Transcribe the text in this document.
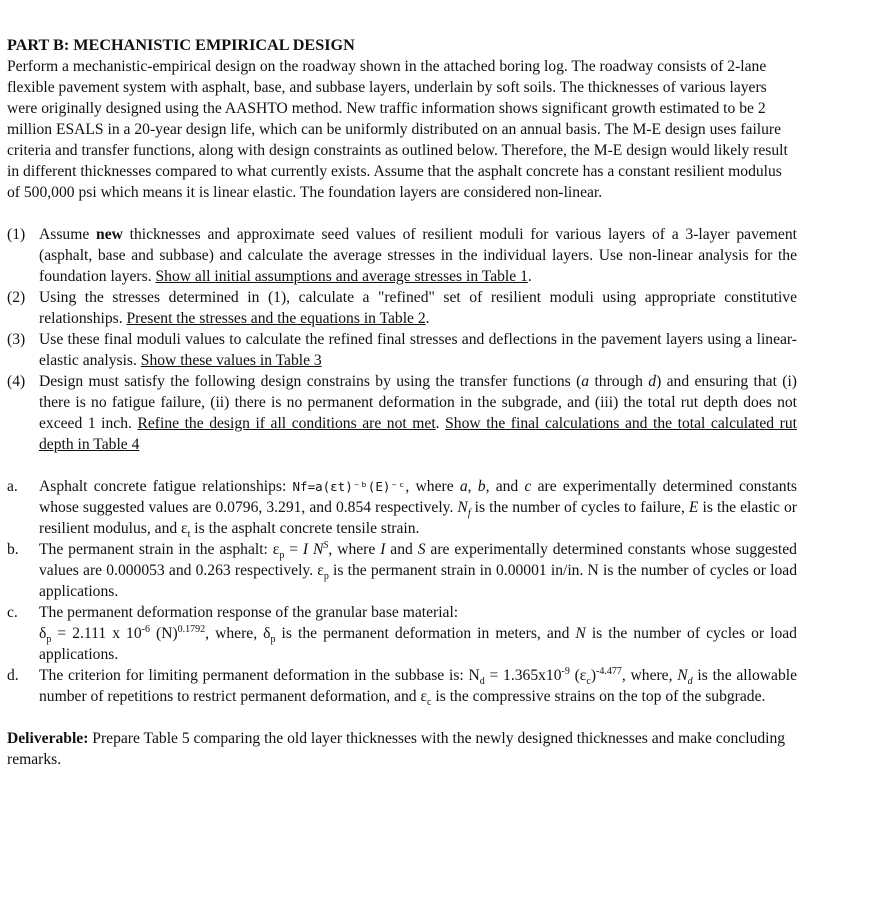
PART B: MECHANISTIC EMPIRICAL DESIGN

Perform a mechanistic-empirical design on the roadway shown in the attached boring log. The roadway consists of 2-lane flexible pavement system with asphalt, base, and subbase layers, underlain by soft soils. The thicknesses of various layers were originally designed using the AASHTO method. New traffic information shows significant growth estimated to be 2 million ESALS in a 20-year design life, which can be uniformly distributed on an annual basis. The M-E design uses failure criteria and transfer functions, along with design constraints as outlined below. Therefore, the M-E design would likely result in different thicknesses compared to what currently exists. Assume that the asphalt concrete has a constant resilient modulus of 500,000 psi which means it is linear elastic. The foundation layers are considered non-linear.

(1) Assume new thicknesses and approximate seed values of resilient moduli for various layers of a 3-layer pavement (asphalt, base and subbase) and calculate the average stresses in the individual layers. Use non-linear analysis for the foundation layers. Show all initial assumptions and average stresses in Table 1.
(2) Using the stresses determined in (1), calculate a "refined" set of resilient moduli using appropriate constitutive relationships. Present the stresses and the equations in Table 2.
(3) Use these final moduli values to calculate the refined final stresses and deflections in the pavement layers using a linear-elastic analysis. Show these values in Table 3
(4) Design must satisfy the following design constrains by using the transfer functions (a through d) and ensuring that (i) there is no fatigue failure, (ii) there is no permanent deformation in the subgrade, and (iii) the total rut depth does not exceed 1 inch. Refine the design if all conditions are not met. Show the final calculations and the total calculated rut depth in Table 4
a.	Asphalt concrete fatigue relationships: Nf=a(εt)⁻ᵇ(E)⁻ᶜ, where a, b, and c are experimentally determined constants whose suggested values are 0.0796, 3.291, and 0.854 respectively. $N_f$ is the number of cycles to failure, E is the elastic or resilient modulus, and $\varepsilon_t$ is the asphalt concrete tensile strain.
b.	The permanent strain in the asphalt: $\varepsilon_p = I$ $N^S$, where I and S are experimentally determined constants whose suggested values are 0.000053 and 0.263 respectively. $\varepsilon_p$ is the permanent strain in 0.00001 in/in. N is the number of cycles or load applications.
c.	The permanent deformation response of the granular base material:
$\delta_p = 2.111$ x $10^{-6}$ $(N)^{0.1792}$, where, $\delta_p$ is the permanent deformation in meters, and N is the number of cycles or load applications.
d.	The criterion for limiting permanent deformation in the subbase is: $N_d = 1.365x10^{-9}$ $(\varepsilon_c)^{-4.477}$, where, $N_d$ is the allowable number of repetitions to restrict permanent deformation, and $\varepsilon_c$ is the compressive strains on the top of the subgrade.

Deliverable: Prepare Table 5 comparing the old layer thicknesses with the newly designed thicknesses and make concluding remarks.
